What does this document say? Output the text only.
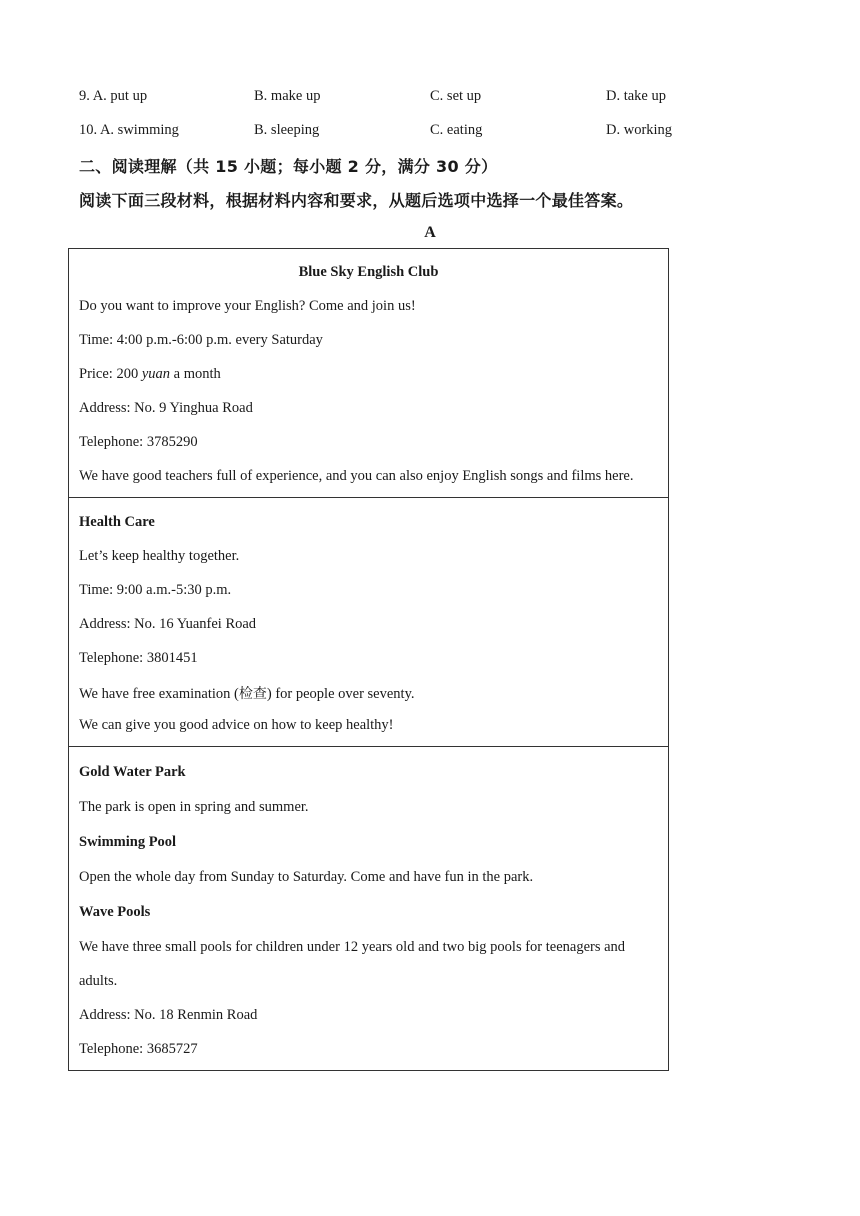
9. A. put up	B. make up	C. set up	D. take up
10. A. swimming	B. sleeping	C. eating	D. working
二、阅读理解（共 15 小题；每小题 2 分，满分 30 分）
阅读下面三段材料，根据材料内容和要求，从题后选项中选择一个最佳答案。
A
Blue Sky English Club
Do you want to improve your English? Come and join us!
Time: 4:00 p.m.-6:00 p.m. every Saturday
Price: 200 yuan a month
Address: No. 9 Yinghua Road
Telephone: 3785290
We have good teachers full of experience, and you can also enjoy English songs and films here.
Health Care
Let’s keep healthy together.
Time: 9:00 a.m.-5:30 p.m.
Address: No. 16 Yuanfei Road
Telephone: 3801451
We have free examination (检查) for people over seventy.
We can give you good advice on how to keep healthy!
Gold Water Park
The park is open in spring and summer.
Swimming Pool
Open the whole day from Sunday to Saturday. Come and have fun in the park.
Wave Pools
We have three small pools for children under 12 years old and two big pools for teenagers and
adults.
Address: No. 18 Renmin Road
Telephone: 3685727
